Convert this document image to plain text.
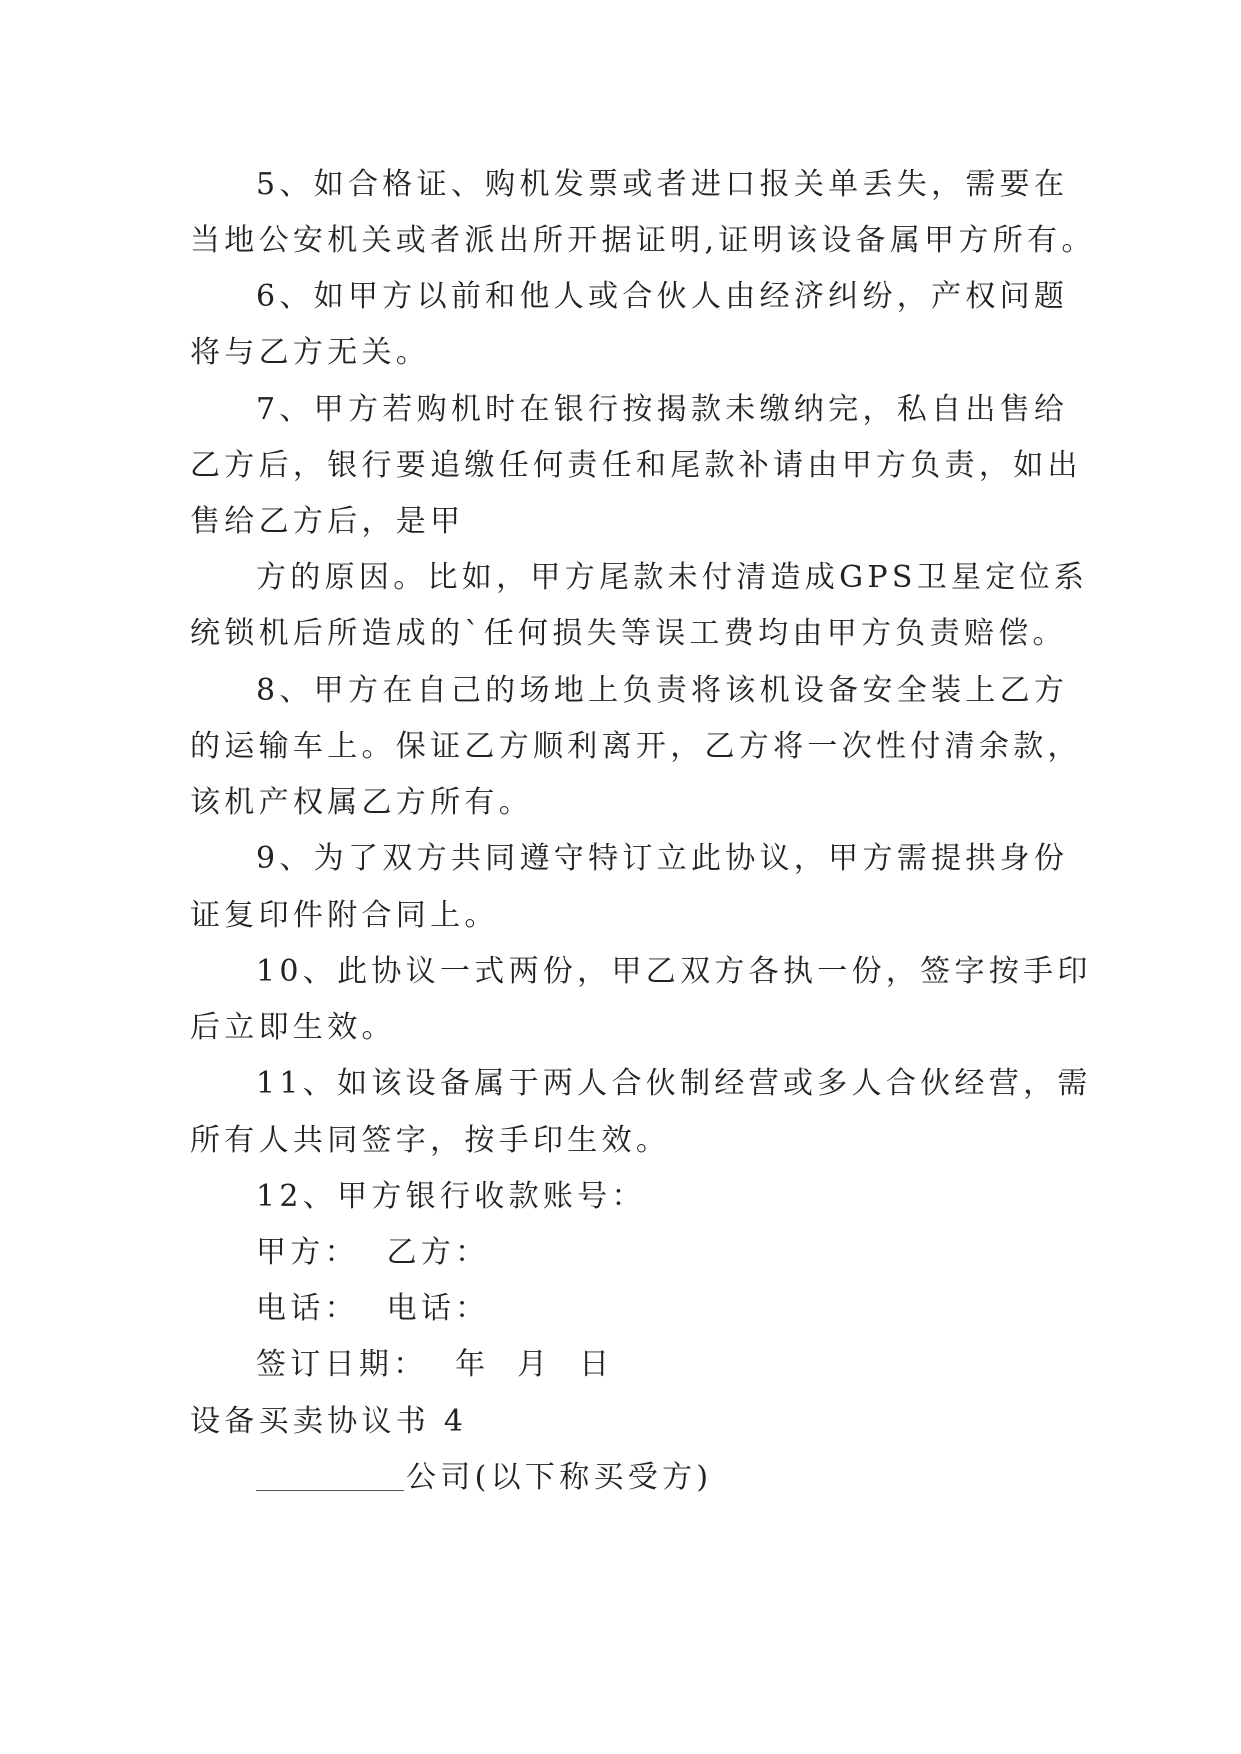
5、如合格证、购机发票或者进口报关单丢失，需要在
当地公安机关或者派出所开据证明,证明该设备属甲方所有。
6、如甲方以前和他人或合伙人由经济纠纷，产权问题
将与乙方无关。
7、甲方若购机时在银行按揭款未缴纳完，私自出售给
乙方后，银行要追缴任何责任和尾款补请由甲方负责，如出
售给乙方后，是甲
方的原因。比如，甲方尾款未付清造成GPS卫星定位系
统锁机后所造成的`任何损失等误工费均由甲方负责赔偿。
8、甲方在自己的场地上负责将该机设备安全装上乙方
的运输车上。保证乙方顺利离开，乙方将一次性付清余款，
该机产权属乙方所有。
9、为了双方共同遵守特订立此协议，甲方需提拱身份
证复印件附合同上。
10、此协议一式两份，甲乙双方各执一份，签字按手印
后立即生效。
11、如该设备属于两人合伙制经营或多人合伙经营，需
所有人共同签字，按手印生效。
12、甲方银行收款账号：
甲方：  乙方：
电话：  电话：
签订日期：  年  月  日
设备买卖协议书 4
公司(以下称买受方)
